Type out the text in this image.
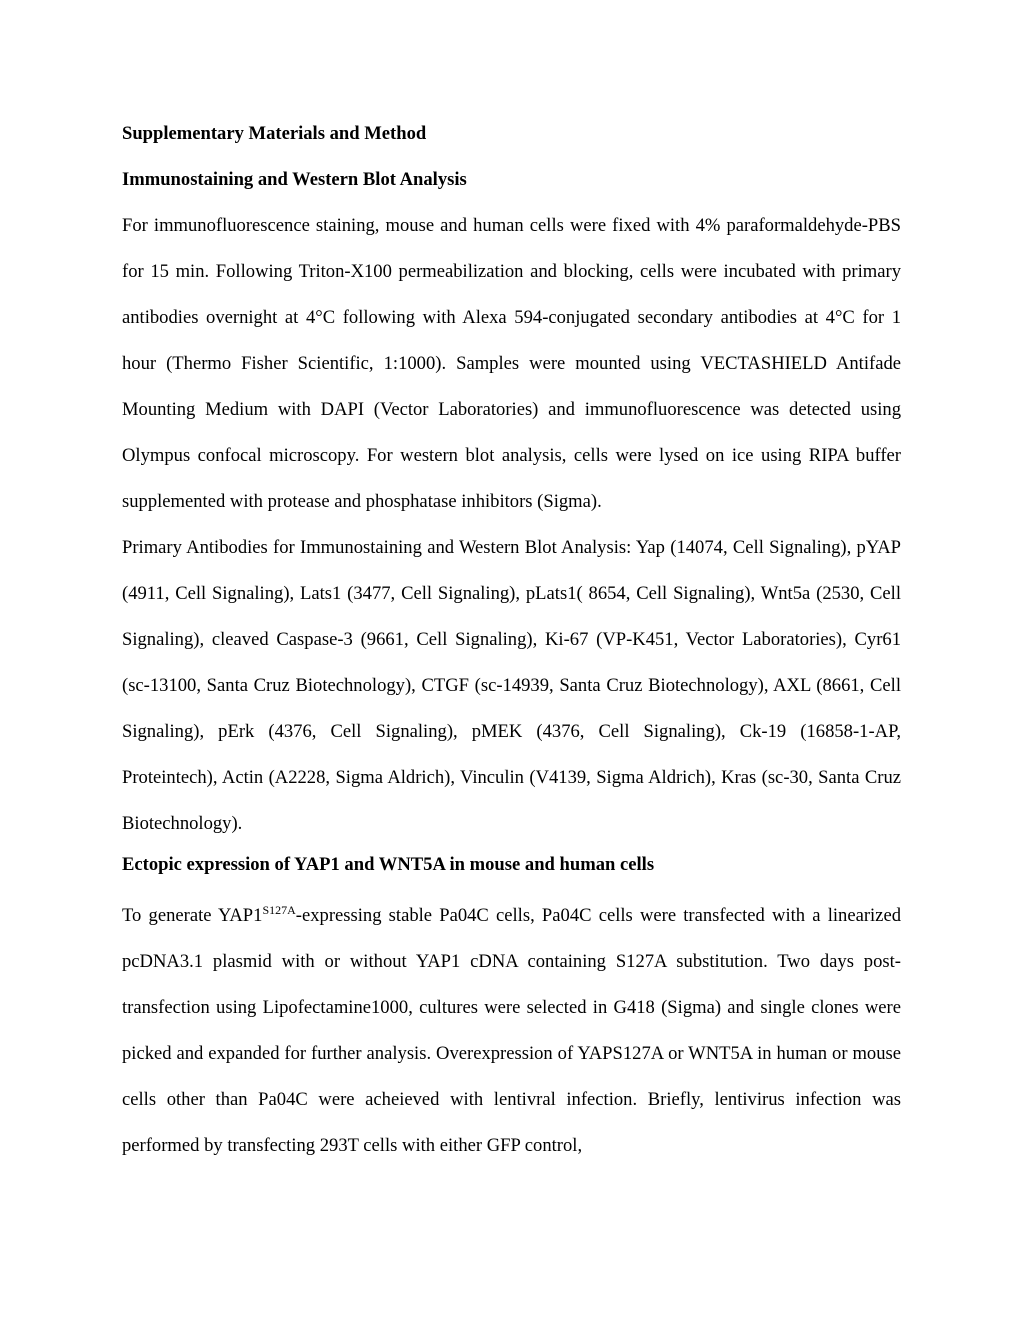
Supplementary Materials and Method
Immunostaining and Western Blot Analysis

For immunofluorescence staining, mouse and human cells were fixed with 4% paraformaldehyde-PBS for 15 min. Following Triton-X100 permeabilization and blocking, cells were incubated with primary antibodies overnight at 4°C following with Alexa 594-conjugated secondary antibodies at 4°C for 1 hour (Thermo Fisher Scientific, 1:1000). Samples were mounted using VECTASHIELD Antifade Mounting Medium with DAPI (Vector Laboratories) and immunofluorescence was detected using Olympus confocal microscopy. For western blot analysis, cells were lysed on ice using RIPA buffer supplemented with protease and phosphatase inhibitors (Sigma).

Primary Antibodies for Immunostaining and Western Blot Analysis: Yap (14074, Cell Signaling), pYAP (4911, Cell Signaling), Lats1 (3477, Cell Signaling), pLats1( 8654, Cell Signaling), Wnt5a (2530, Cell Signaling), cleaved Caspase-3 (9661, Cell Signaling), Ki-67 (VP-K451, Vector Laboratories), Cyr61 (sc-13100, Santa Cruz Biotechnology), CTGF (sc-14939, Santa Cruz Biotechnology), AXL (8661, Cell Signaling), pErk (4376, Cell Signaling), pMEK (4376, Cell Signaling), Ck-19 (16858-1-AP, Proteintech), Actin (A2228, Sigma Aldrich), Vinculin (V4139, Sigma Aldrich), Kras (sc-30, Santa Cruz Biotechnology).

Ectopic expression of YAP1 and WNT5A in mouse and human cells

To generate $YAP1^{S127A}$-expressing stable Pa04C cells, Pa04C cells were transfected with a linearized pcDNA3.1 plasmid with or without YAP1 cDNA containing S127A substitution. Two days post-transfection using Lipofectamine1000, cultures were selected in G418 (Sigma) and single clones were picked and expanded for further analysis. Overexpression of YAPS127A or WNT5A in human or mouse cells other than Pa04C were acheieved with lentivral infection. Briefly, lentivirus infection was performed by transfecting 293T cells with either GFP control,
